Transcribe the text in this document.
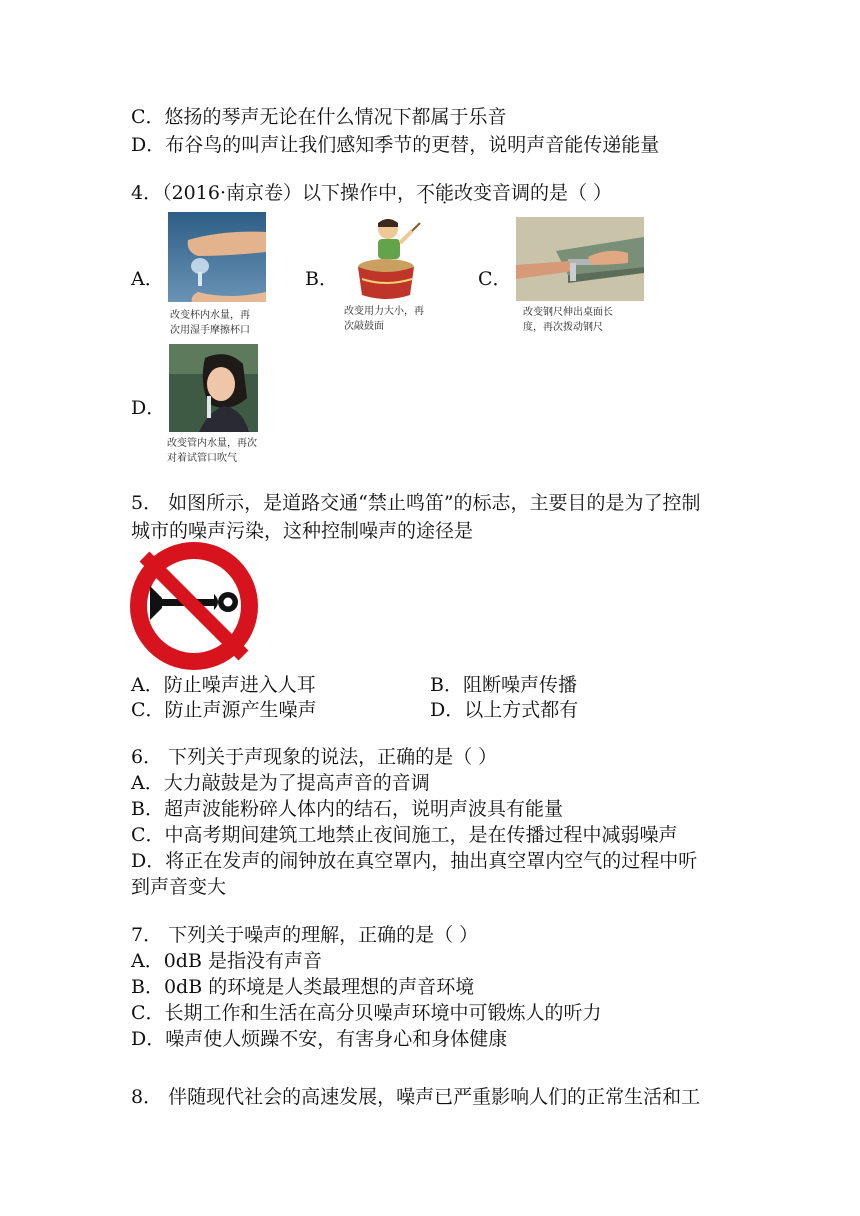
C．悠扬的琴声无论在什么情况下都属于乐音
D．布谷鸟的叫声让我们感知季节的更替，说明声音能传递能量
4．（2016·南京卷）以下操作中，不能改变音调的是（ ）
A．
改变杯内水量，再
次用湿手摩擦杯口
B．
改变用力大小，再
次敲鼓面
C．
改变钢尺伸出桌面长
度，再次拨动钢尺
D．
改变管内水量，再次
对着试管口吹气
5． 如图所示，是道路交通“禁止鸣笛”的标志，主要目的是为了控制
城市的噪声污染，这种控制噪声的途径是
A．防止噪声进入人耳	B．阻断噪声传播
C．防止声源产生噪声	D．以上方式都有
6． 下列关于声现象的说法，正确的是（ ）
A．大力敲鼓是为了提高声音的音调
B．超声波能粉碎人体内的结石，说明声波具有能量
C．中高考期间建筑工地禁止夜间施工，是在传播过程中减弱噪声
D．将正在发声的闹钟放在真空罩内，抽出真空罩内空气的过程中听
到声音变大
7． 下列关于噪声的理解，正确的是（ ）
A．0dB 是指没有声音
B．0dB 的环境是人类最理想的声音环境
C．长期工作和生活在高分贝噪声环境中可锻炼人的听力
D．噪声使人烦躁不安，有害身心和身体健康
8． 伴随现代社会的高速发展，噪声已严重影响人们的正常生活和工
